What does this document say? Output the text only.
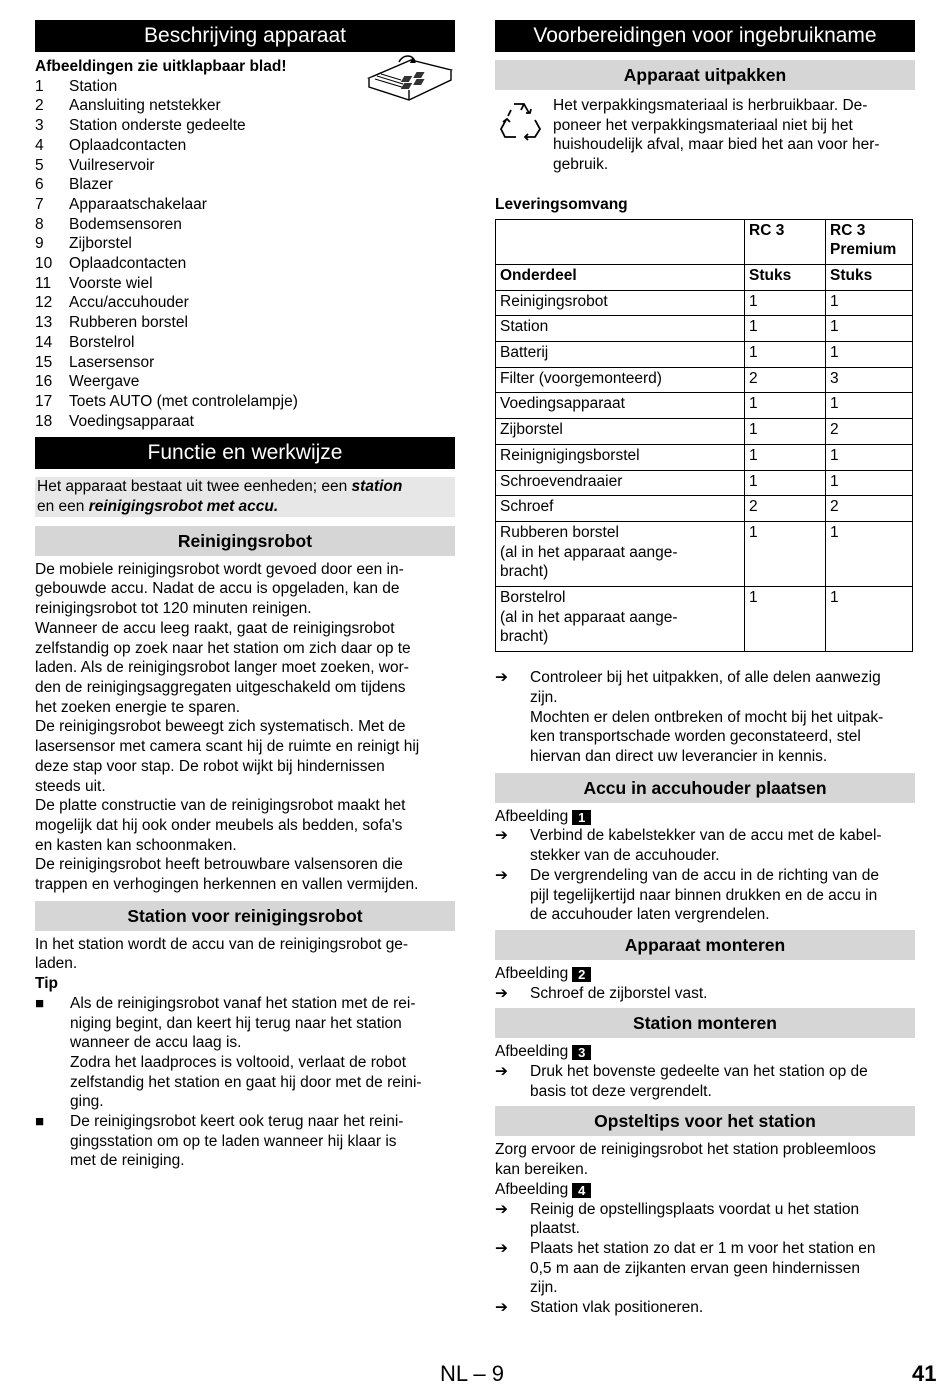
Beschrijving apparaat
Afbeeldingen zie uitklapbaar blad!
1	Station
2	Aansluiting netstekker
3	Station onderste gedeelte
4	Oplaadcontacten
5	Vuilreservoir
6	Blazer
7	Apparaatschakelaar
8	Bodemsensoren
9	Zijborstel
10	Oplaadcontacten
11	Voorste wiel
12	Accu/accuhouder
13	Rubberen borstel
14	Borstelrol
15	Lasersensor
16	Weergave
17	Toets AUTO (met controlelampje)
18	Voedingsapparaat
Functie en werkwijze
Het apparaat bestaat uit twee eenheden; een station
en een reinigingsrobot met accu.
Reinigingsrobot
De mobiele reinigingsrobot wordt gevoed door een in-
gebouwde accu. Nadat de accu is opgeladen, kan de
reinigingsrobot tot 120 minuten reinigen.
Wanneer de accu leeg raakt, gaat de reinigingsrobot
zelfstandig op zoek naar het station om zich daar op te
laden. Als de reinigingsrobot langer moet zoeken, wor-
den de reinigingsaggregaten uitgeschakeld om tijdens
het zoeken energie te sparen.
De reinigingsrobot beweegt zich systematisch. Met de
lasersensor met camera scant hij de ruimte en reinigt hij
deze stap voor stap. De robot wijkt bij hindernissen
steeds uit.
De platte constructie van de reinigingsrobot maakt het
mogelijk dat hij ook onder meubels als bedden, sofa's
en kasten kan schoonmaken.
De reinigingsrobot heeft betrouwbare valsensoren die
trappen en verhogingen herkennen en vallen vermijden.
Station voor reinigingsrobot
In het station wordt de accu van de reinigingsrobot ge-
laden.
Tip
■	Als de reinigingsrobot vanaf het station met de rei-
niging begint, dan keert hij terug naar het station
wanneer de accu laag is.
Zodra het laadproces is voltooid, verlaat de robot
zelfstandig het station en gaat hij door met de reini-
ging.
■	De reinigingsrobot keert ook terug naar het reini-
gingsstation om op te laden wanneer hij klaar is
met de reiniging.
Voorbereidingen voor ingebruikname
Apparaat uitpakken
Het verpakkingsmateriaal is herbruikbaar. De-
poneer het verpakkingsmateriaal niet bij het
huishoudelijk afval, maar bied het aan voor her-
gebruik.
Leveringsomvang
	RC 3	RC 3
Premium
Onderdeel	Stuks	Stuks
Reinigingsrobot	1	1
Station	1	1
Batterij	1	1
Filter (voorgemonteerd)	2	3
Voedingsapparaat	1	1
Zijborstel	1	2
Reinignigingsborstel	1	1
Schroevendraaier	1	1
Schroef	2	2
Rubberen borstel
(al in het apparaat aange-
bracht)	1	1
Borstelrol
(al in het apparaat aange-
bracht)	1	1
➔	Controleer bij het uitpakken, of alle delen aanwezig
zijn.
Mochten er delen ontbreken of mocht bij het uitpak-
ken transportschade worden geconstateerd, stel
hiervan dan direct uw leverancier in kennis.
Accu in accuhouder plaatsen
Afbeelding 1
➔	Verbind de kabelstekker van de accu met de kabel-
stekker van de accuhouder.
➔	De vergrendeling van de accu in de richting van de
pijl tegelijkertijd naar binnen drukken en de accu in
de accuhouder laten vergrendelen.
Apparaat monteren
Afbeelding 2
➔	Schroef de zijborstel vast.
Station monteren
Afbeelding 3
➔	Druk het bovenste gedeelte van het station op de
basis tot deze vergrendelt.
Opsteltips voor het station
Zorg ervoor de reinigingsrobot het station probleemloos
kan bereiken.
Afbeelding 4
➔	Reinig de opstellingsplaats voordat u het station
plaatst.
➔	Plaats het station zo dat er 1 m voor het station en
0,5 m aan de zijkanten ervan geen hindernissen
zijn.
➔	Station vlak positioneren.
NL – 9	41
